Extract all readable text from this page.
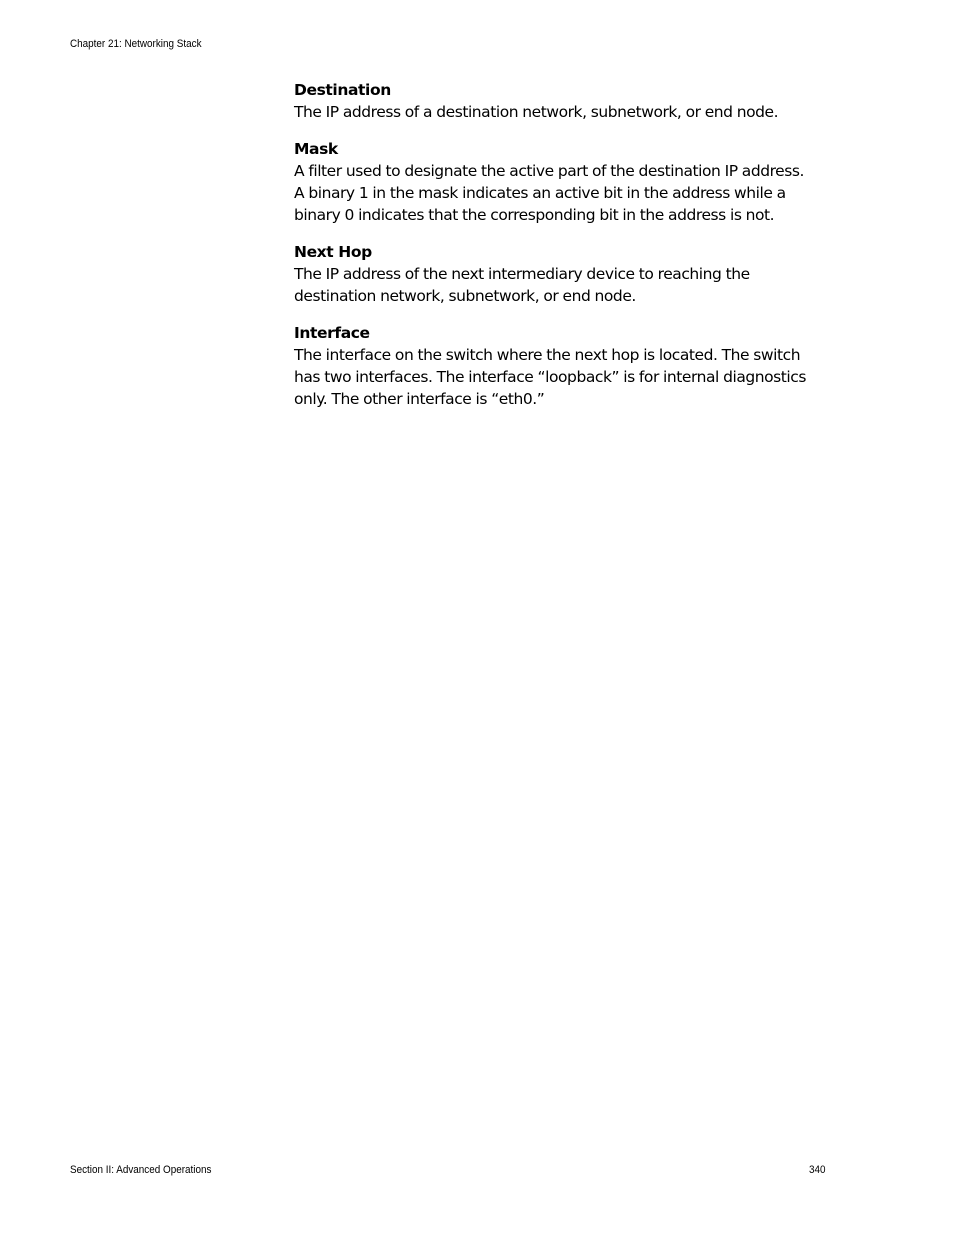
Chapter 21: Networking Stack
Destination
The IP address of a destination network, subnetwork, or end node.
Mask
A filter used to designate the active part of the destination IP address. A binary 1 in the mask indicates an active bit in the address while a binary 0 indicates that the corresponding bit in the address is not.
Next Hop
The IP address of the next intermediary device to reaching the destination network, subnetwork, or end node.
Interface
The interface on the switch where the next hop is located. The switch has two interfaces. The interface “loopback” is for internal diagnostics only. The other interface is “eth0.”
Section II: Advanced Operations	340
